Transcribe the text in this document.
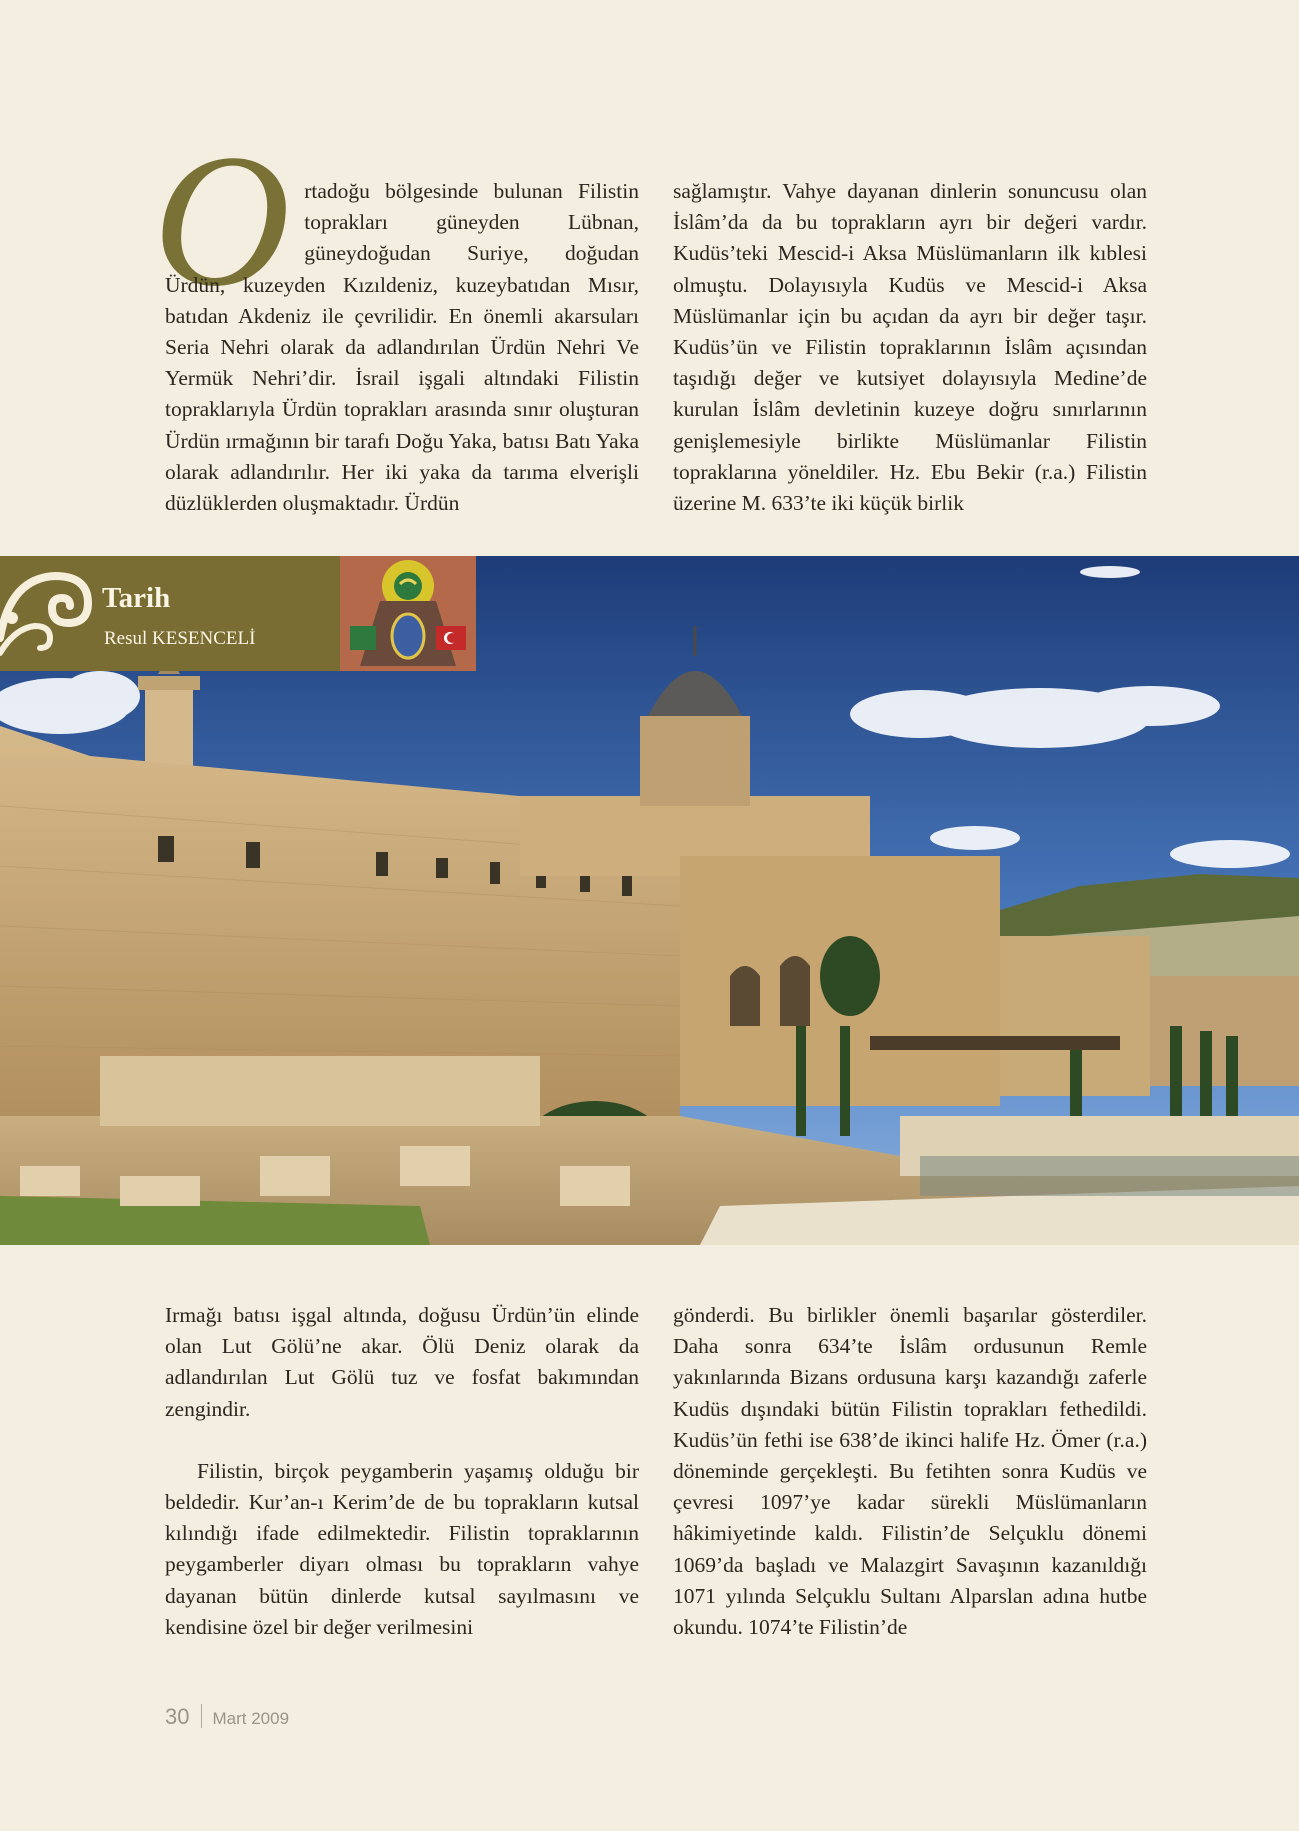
O rtadoğu bölgesinde bulunan Filistin toprakları güneyden Lübnan, güneydoğudan Suriye, doğudan Ürdün, kuzeyden Kızıldeniz, kuzeybatıdan Mısır, batıdan Akdeniz ile çevrilidir. En önemli akarsuları Seria Nehri olarak da adlandırılan Ürdün Nehri Ve Yermük Nehri’dir. İsrail işgali altındaki Filistin topraklarıyla Ürdün toprakları arasında sınır oluşturan Ürdün ırmağının bir tarafı Doğu Yaka, batısı Batı Yaka olarak adlandırılır. Her iki yaka da tarıma elverişli düzlüklerden oluşmaktadır. Ürdün

sağlamıştır. Vahye dayanan dinlerin sonuncusu olan İslâm’da da bu toprakların ayrı bir değeri vardır. Kudüs’teki Mescid-i Aksa Müslümanların ilk kıblesi olmuştu. Dolayısıyla Kudüs ve Mescid-i Aksa Müslümanlar için bu açıdan da ayrı bir değer taşır. Kudüs’ün ve Filistin topraklarının İslâm açısından taşıdığı değer ve kutsiyet dolayısıyla Medine’de kurulan İslâm devletinin kuzeye doğru sınırlarının genişlemesiyle birlikte Müslümanlar Filistin topraklarına yöneldiler. Hz. Ebu Bekir (r.a.) Filistin üzerine M. 633’te iki küçük birlik

Tarih
Resul KESENCELİ

Irmağı batısı işgal altında, doğusu Ürdün’ün elinde olan Lut Gölü’ne akar. Ölü Deniz olarak da adlandırılan Lut Gölü tuz ve fosfat bakımından zengindir.

Filistin, birçok peygamberin yaşamış olduğu bir beldedir. Kur’an-ı Kerim’de de bu toprakların kutsal kılındığı ifade edilmektedir. Filistin topraklarının peygamberler diyarı olması bu toprakların vahye dayanan bütün dinlerde kutsal sayılmasını ve kendisine özel bir değer verilmesini

gönderdi. Bu birlikler önemli başarılar gösterdiler. Daha sonra 634’te İslâm ordusunun Remle yakınlarında Bizans ordusuna karşı kazandığı zaferle Kudüs dışındaki bütün Filistin toprakları fethedildi. Kudüs’ün fethi ise 638’de ikinci halife Hz. Ömer (r.a.) döneminde gerçekleşti. Bu fetihten sonra Kudüs ve çevresi 1097’ye kadar sürekli Müslümanların hâkimiyetinde kaldı. Filistin’de Selçuklu dönemi 1069’da başladı ve Malazgirt Savaşının kazanıldığı 1071 yılında Selçuklu Sultanı Alparslan adına hutbe okundu. 1074’te Filistin’de

30 Mart 2009
